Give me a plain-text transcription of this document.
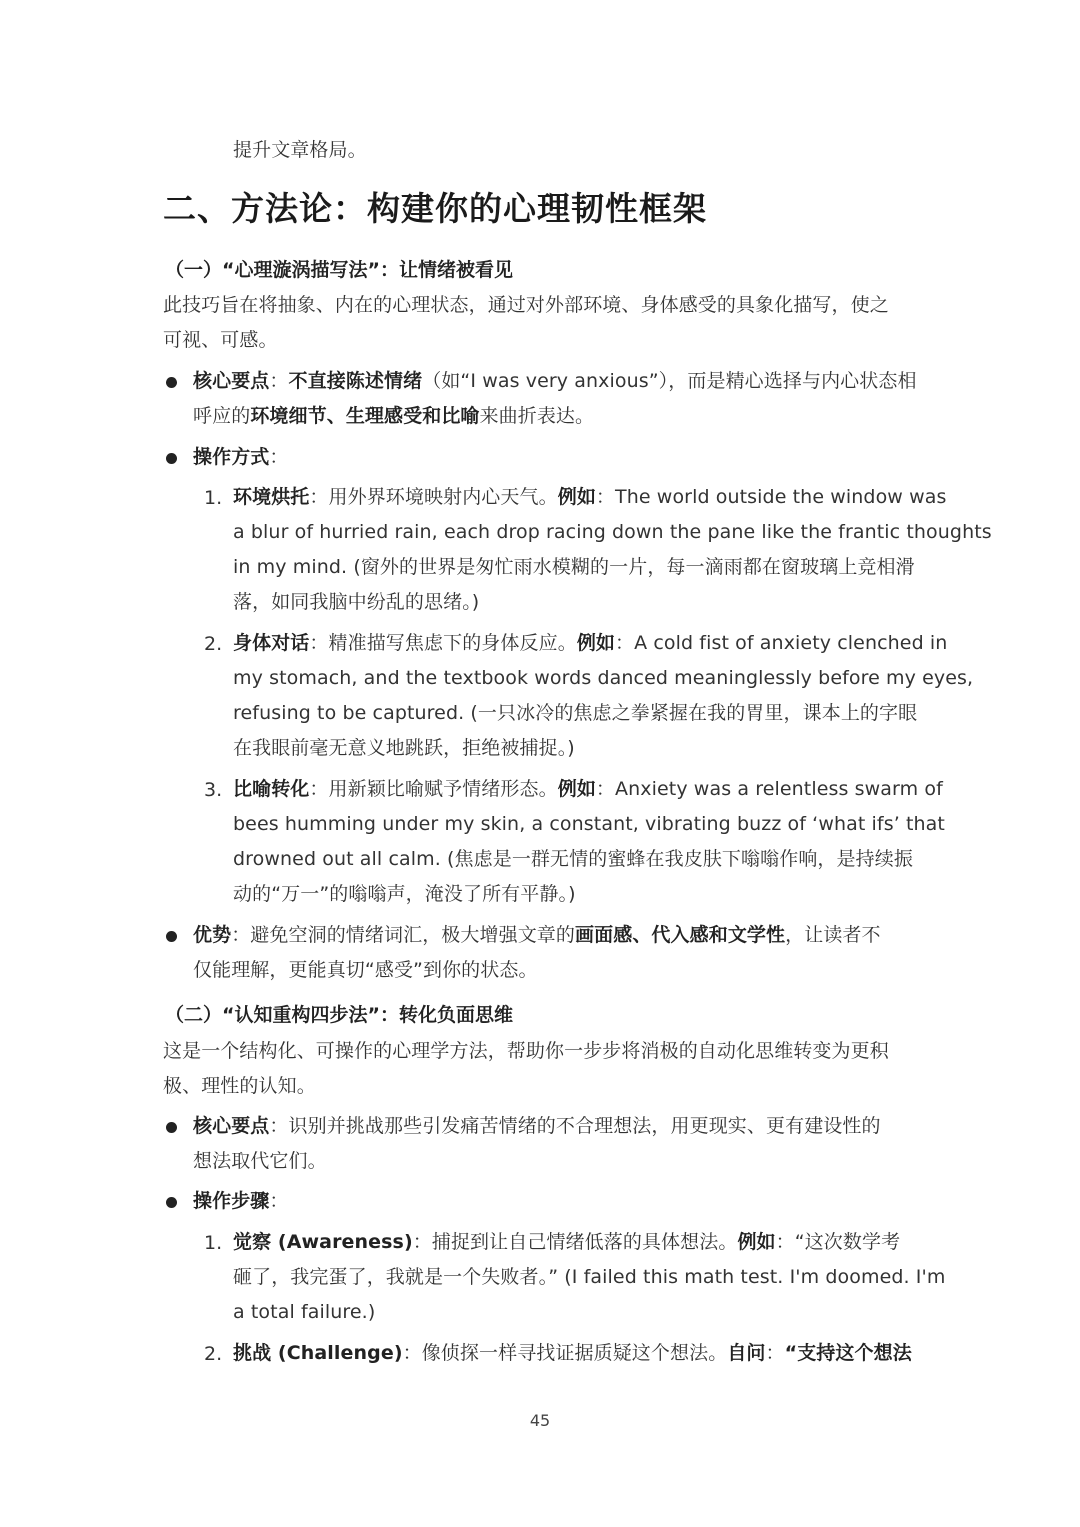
提升文章格局。
二、方法论：构建你的心理韧性框架
（一）“心理漩涡描写法”：让情绪被看见
此技巧旨在将抽象、内在的心理状态，通过对外部环境、身体感受的具象化描写，使之
可视、可感。
核心要点：不直接陈述情绪（如“I was very anxious”），而是精心选择与内心状态相
呼应的环境细节、生理感受和比喻来曲折表达。
操作方式：
1. 环境烘托：用外界环境映射内心天气。例如：The world outside the window was
a blur of hurried rain, each drop racing down the pane like the frantic thoughts
in my mind. (窗外的世界是匆忙雨水模糊的一片，每一滴雨都在窗玻璃上竞相滑
落，如同我脑中纷乱的思绪。)
2. 身体对话：精准描写焦虑下的身体反应。例如：A cold fist of anxiety clenched in
my stomach, and the textbook words danced meaninglessly before my eyes,
refusing to be captured. (一只冰冷的焦虑之拳紧握在我的胃里，课本上的字眼
在我眼前毫无意义地跳跃，拒绝被捕捉。)
3. 比喻转化：用新颖比喻赋予情绪形态。例如：Anxiety was a relentless swarm of
bees humming under my skin, a constant, vibrating buzz of ‘what ifs’ that
drowned out all calm. (焦虑是一群无情的蜜蜂在我皮肤下嗡嗡作响，是持续振
动的“万一”的嗡嗡声，淹没了所有平静。)
优势：避免空洞的情绪词汇，极大增强文章的画面感、代入感和文学性，让读者不
仅能理解，更能真切“感受”到你的状态。
（二）“认知重构四步法”：转化负面思维
这是一个结构化、可操作的心理学方法，帮助你一步步将消极的自动化思维转变为更积
极、理性的认知。
核心要点：识别并挑战那些引发痛苦情绪的不合理想法，用更现实、更有建设性的
想法取代它们。
操作步骤：
1. 觉察 (Awareness)：捕捉到让自己情绪低落的具体想法。例如：“这次数学考
砸了，我完蛋了，我就是一个失败者。” (I failed this math test. I'm doomed. I'm
a total failure.)
2. 挑战 (Challenge)：像侦探一样寻找证据质疑这个想法。自问：“支持这个想法
45
